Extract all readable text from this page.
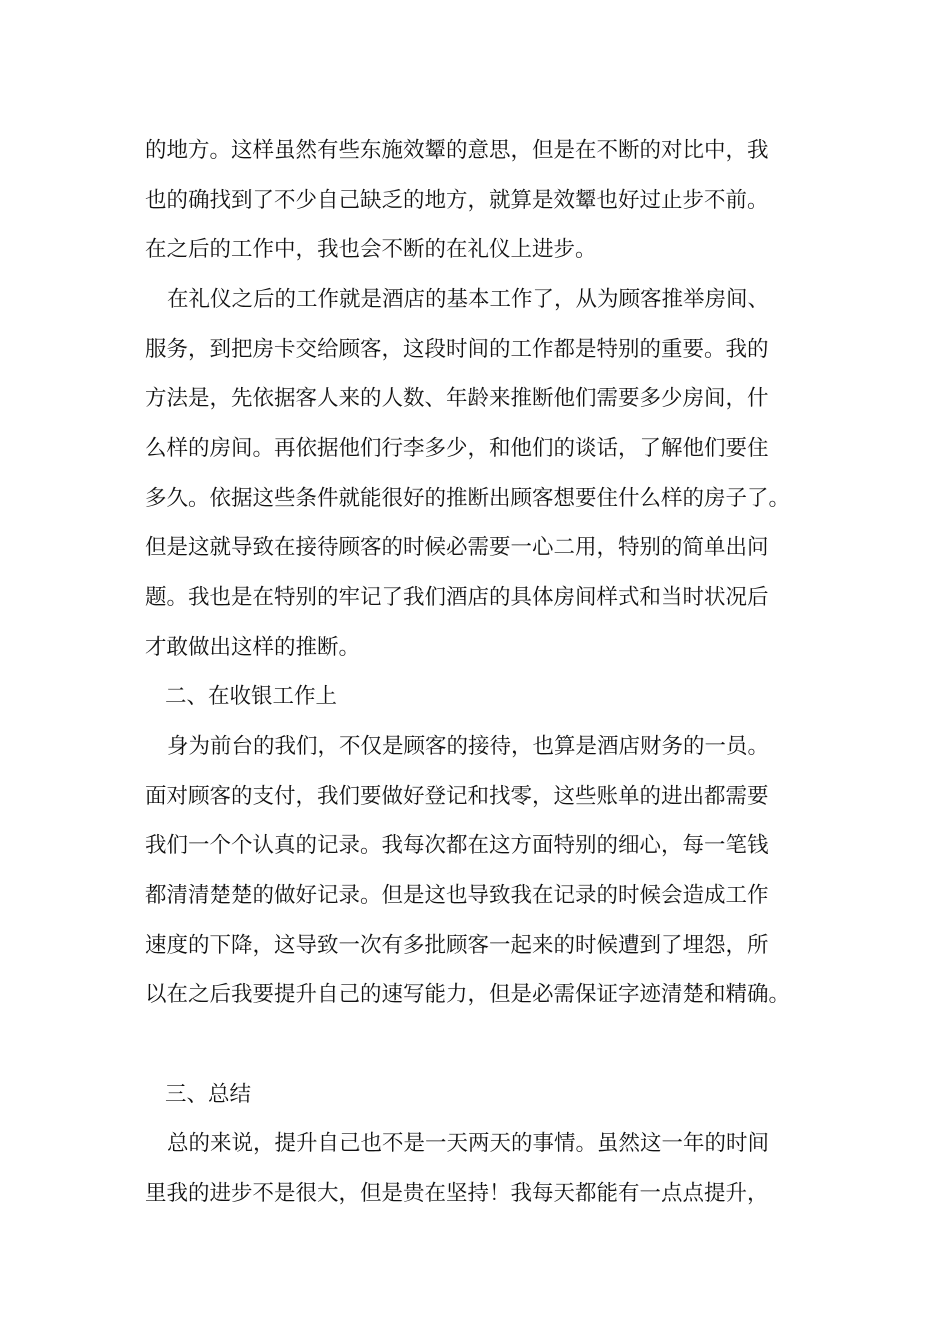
的地方。这样虽然有些东施效颦的意思，但是在不断的对比中，我
也的确找到了不少自己缺乏的地方，就算是效颦也好过止步不前。
在之后的工作中，我也会不断的在礼仪上进步。
在礼仪之后的工作就是酒店的基本工作了，从为顾客推举房间、
服务，到把房卡交给顾客，这段时间的工作都是特别的重要。我的
方法是，先依据客人来的人数、年龄来推断他们需要多少房间，什
么样的房间。再依据他们行李多少，和他们的谈话，了解他们要住
多久。依据这些条件就能很好的推断出顾客想要住什么样的房子了。
但是这就导致在接待顾客的时候必需要一心二用，特别的简单出问
题。我也是在特别的牢记了我们酒店的具体房间样式和当时状况后
才敢做出这样的推断。
二、在收银工作上
身为前台的我们，不仅是顾客的接待，也算是酒店财务的一员。
面对顾客的支付，我们要做好登记和找零，这些账单的进出都需要
我们一个个认真的记录。我每次都在这方面特别的细心，每一笔钱
都清清楚楚的做好记录。但是这也导致我在记录的时候会造成工作
速度的下降，这导致一次有多批顾客一起来的时候遭到了埋怨，所
以在之后我要提升自己的速写能力，但是必需保证字迹清楚和精确。
三、总结
总的来说，提升自己也不是一天两天的事情。虽然这一年的时间
里我的进步不是很大，但是贵在坚持！我每天都能有一点点提升，
